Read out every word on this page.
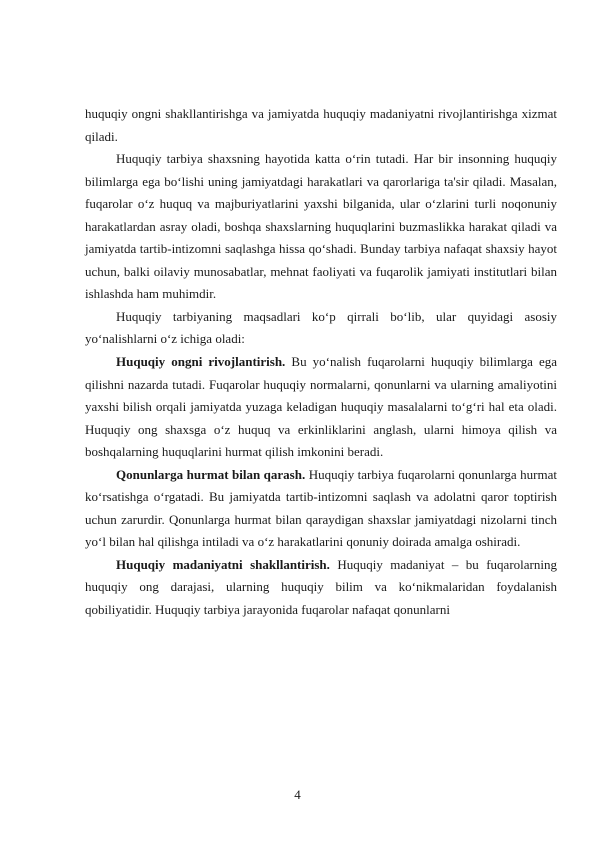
huquqiy ongni shakllantirishga va jamiyatda huquqiy madaniyatni rivojlantirishga xizmat qiladi.

Huquqiy tarbiya shaxsning hayotida katta o‘rin tutadi. Har bir insonning huquqiy bilimlarga ega bo‘lishi uning jamiyatdagi harakatlari va qarorlariga ta'sir qiladi. Masalan, fuqarolar o‘z huquq va majburiyatlarini yaxshi bilganida, ular o‘zlarini turli noqonuniy harakatlardan asray oladi, boshqa shaxslarning huquqlarini buzmaslikka harakat qiladi va jamiyatda tartib-intizomni saqlashga hissa qo‘shadi. Bunday tarbiya nafaqat shaxsiy hayot uchun, balki oilaviy munosabatlar, mehnat faoliyati va fuqarolik jamiyati institutlari bilan ishlashda ham muhimdir.

Huquqiy tarbiyaning maqsadlari ko‘p qirrali bo‘lib, ular quyidagi asosiy yo‘nalishlarni o‘z ichiga oladi:

Huquqiy ongni rivojlantirish. Bu yo‘nalish fuqarolarni huquqiy bilimlarga ega qilishni nazarda tutadi. Fuqarolar huquqiy normalarni, qonunlarni va ularning amaliyotini yaxshi bilish orqali jamiyatda yuzaga keladigan huquqiy masalalarni to‘g‘ri hal eta oladi. Huquqiy ong shaxsga o‘z huquq va erkinliklarini anglash, ularni himoya qilish va boshqalarning huquqlarini hurmat qilish imkonini beradi.

Qonunlarga hurmat bilan qarash. Huquqiy tarbiya fuqarolarni qonunlarga hurmat ko‘rsatishga o‘rgatadi. Bu jamiyatda tartib-intizomni saqlash va adolatni qaror toptirish uchun zarurdir. Qonunlarga hurmat bilan qaraydigan shaxslar jamiyatdagi nizolarni tinch yo‘l bilan hal qilishga intiladi va o‘z harakatlarini qonuniy doirada amalga oshiradi.

Huquqiy madaniyatni shakllantirish. Huquqiy madaniyat – bu fuqarolarning huquqiy ong darajasi, ularning huquqiy bilim va ko‘nikmalaridan foydalanish qobiliyatidir. Huquqiy tarbiya jarayonida fuqarolar nafaqat qonunlarni

4
